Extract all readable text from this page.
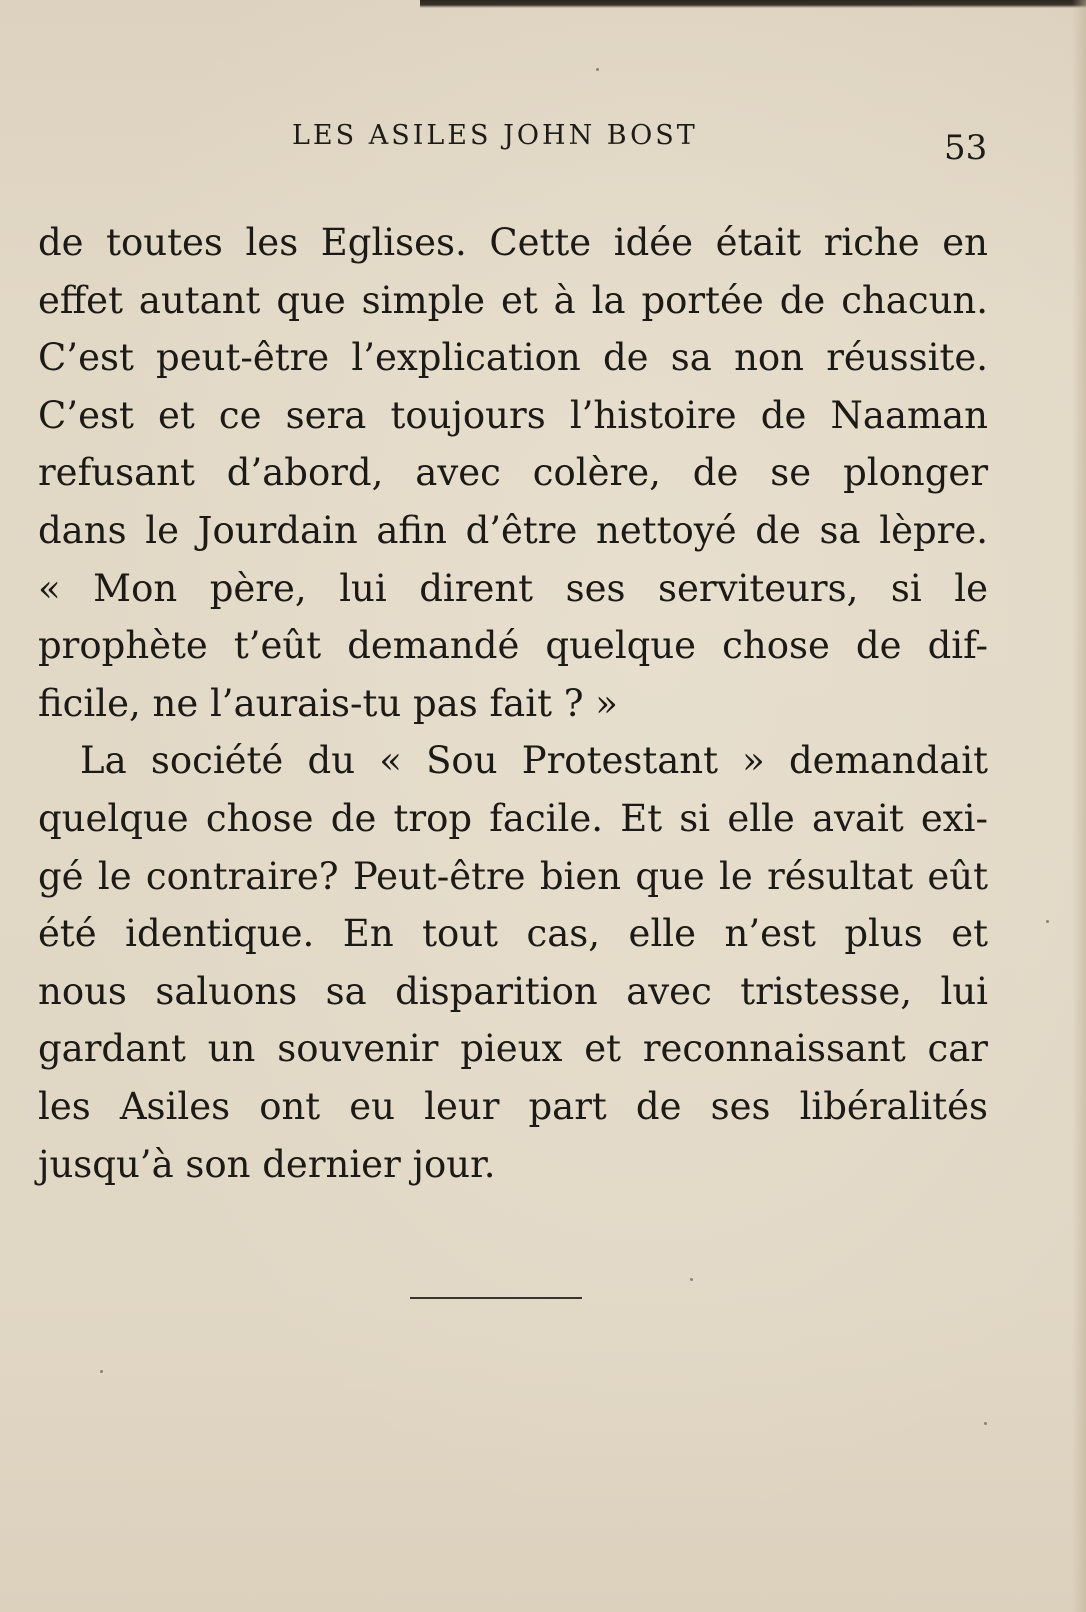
LES ASILES JOHN BOST	53
de toutes les Eglises. Cette idée était riche en
effet autant que simple et à la portée de chacun.
C’est peut-être l’explication de sa non réussite.
C’est et ce sera toujours l’histoire de Naaman
refusant d’abord, avec colère, de se plonger
dans le Jourdain afin d’être nettoyé de sa lèpre.
« Mon père, lui dirent ses serviteurs, si le
prophète t’eût demandé quelque chose de dif-
ficile, ne l’aurais-tu pas fait ? »
La société du « Sou Protestant » demandait
quelque chose de trop facile. Et si elle avait exi-
gé le contraire? Peut-être bien que le résultat eût
été identique. En tout cas, elle n’est plus et
nous saluons sa disparition avec tristesse, lui
gardant un souvenir pieux et reconnaissant car
les Asiles ont eu leur part de ses libéralités
jusqu’à son dernier jour.
